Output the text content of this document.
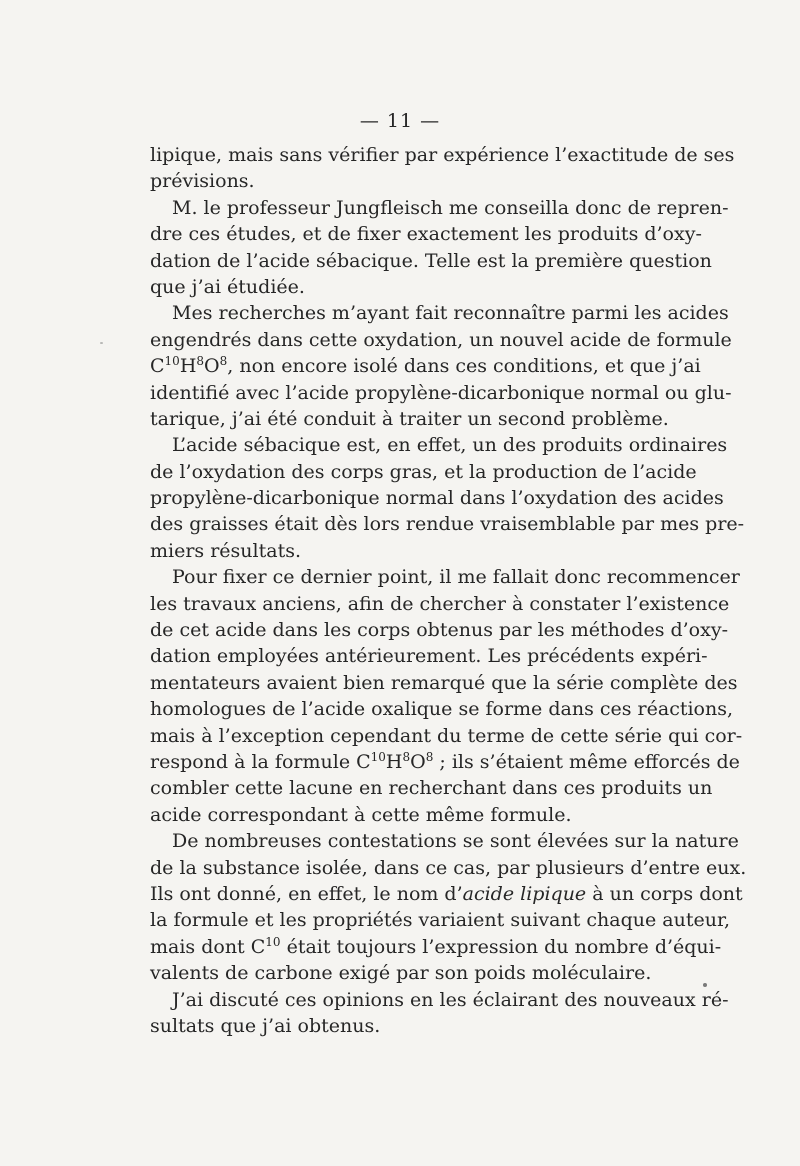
— 11 —
lipique, mais sans vérifier par expérience l’exactitude de ses
prévisions.
M. le professeur Jungfleisch me conseilla donc de repren-
dre ces études, et de fixer exactement les produits d’oxy-
dation de l’acide sébacique. Telle est la première question
que j’ai étudiée.
Mes recherches m’ayant fait reconnaître parmi les acides
engendrés dans cette oxydation, un nouvel acide de formule
$C^{10}H^8O^8$, non encore isolé dans ces conditions, et que j’ai
identifié avec l’acide propylène-dicarbonique normal ou glu-
tarique, j’ai été conduit à traiter un second problème.
L’acide sébacique est, en effet, un des produits ordinaires
de l’oxydation des corps gras, et la production de l’acide
propylène-dicarbonique normal dans l’oxydation des acides
des graisses était dès lors rendue vraisemblable par mes pre-
miers résultats.
Pour fixer ce dernier point, il me fallait donc recommencer
les travaux anciens, afin de chercher à constater l’existence
de cet acide dans les corps obtenus par les méthodes d’oxy-
dation employées antérieurement. Les précédents expéri-
mentateurs avaient bien remarqué que la série complète des
homologues de l’acide oxalique se forme dans ces réactions,
mais à l’exception cependant du terme de cette série qui cor-
respond à la formule $C^{10}H^8O^8$ ; ils s’étaient même efforcés de
combler cette lacune en recherchant dans ces produits un
acide correspondant à cette même formule.
De nombreuses contestations se sont élevées sur la nature
de la substance isolée, dans ce cas, par plusieurs d’entre eux.
Ils ont donné, en effet, le nom d’acide lipique à un corps dont
la formule et les propriétés variaient suivant chaque auteur,
mais dont $C^{10}$ était toujours l’expression du nombre d’équi-
valents de carbone exigé par son poids moléculaire.
J’ai discuté ces opinions en les éclairant des nouveaux ré-
sultats que j’ai obtenus.
